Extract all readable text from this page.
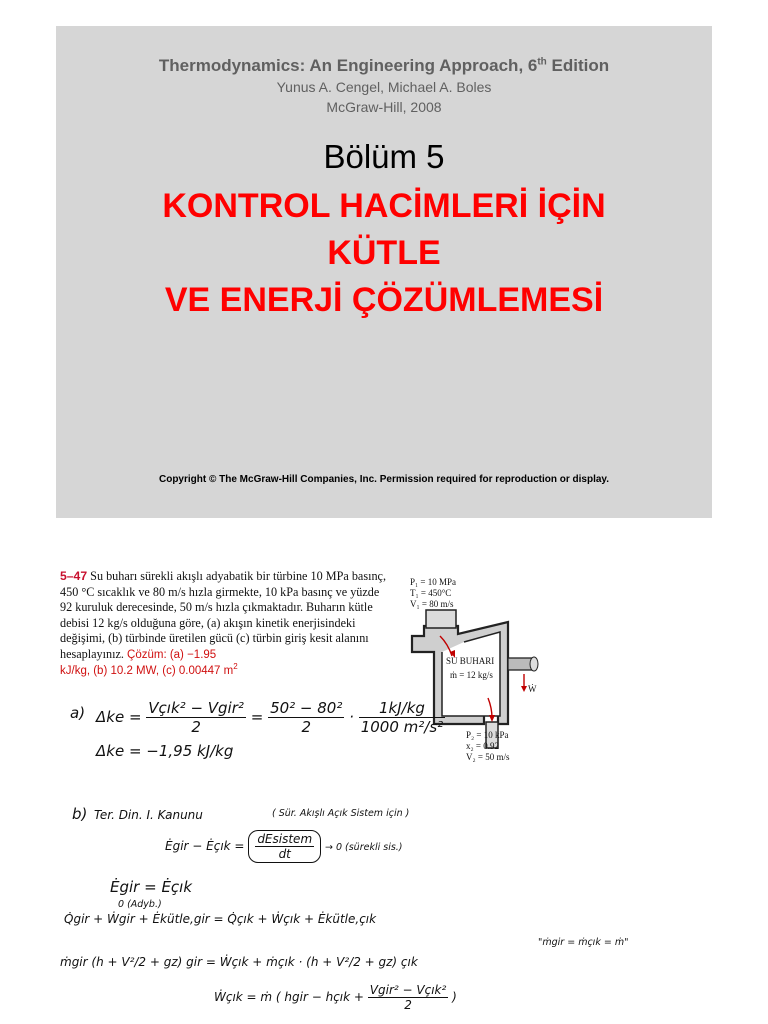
Thermodynamics: An Engineering Approach, 6th Edition
Yunus A. Cengel, Michael A. Boles
McGraw-Hill, 2008
Bölüm 5
KONTROL HACİMLERİ İÇİN
KÜTLE
VE ENERJİ ÇÖZÜMLEMESİ
Copyright © The McGraw-Hill Companies, Inc. Permission required for reproduction or display.
5–47 Su buharı sürekli akışlı adyabatik bir türbine 10 MPa basınç, 450 °C sıcaklık ve 80 m/s hızla girmekte, 10 kPa basınç ve yüzde 92 kuruluk derecesinde, 50 m/s hızla çıkmaktadır. Buharın kütle debisi 12 kg/s olduğuna göre, (a) akışın kinetik enerjisindeki değişimi, (b) türbinde üretilen gücü (c) türbin giriş kesit alanını hesaplayınız. Çözüm: (a) −1.95
kJ/kg, (b) 10.2 MW, (c) 0.00447 $m^2$
P₁ = 10 MPa
T₁ = 450°C
V₁ = 80 m/s
SU BUHARI
ṁ = 12 kg/s
Ẇ
P₂ = 10 kPa
x₂ = 0.92
V₂ = 50 m/s
a) $\Delta ke = \frac{\text{Vçık² − Vgir²}}{2} = \frac{\text{50² − 80²}}{2} \cdot \frac{1kJ/kg}{\text{1000 m²/s²}}$
Δke = −1,95 kJ/kg
b) Ter. Din. I. Kanunu	( Sür. Akışlı Açık Sistem için )
Ėgir − Ėçık = $\frac{\text{dEsistem}}{dt} \to 0$ (sürekli sis.)
Ėgir = Ėçık
0 (Adyb.)
Q̇gir + Ẇgir + Ėkütle,gir = Q̇çık + Ẇçık + Ėkütle,çık
ṁgir (h + V²/2 + gz) gir = Ẇçık + ṁçık · (h + V²/2 + gz) çık
"ṁgir = ṁçık = ṁ"
Ẇçık = ṁ ( hgir − hçık + $\frac{\text{Vgir² − Vçık²}}{2}$ )
